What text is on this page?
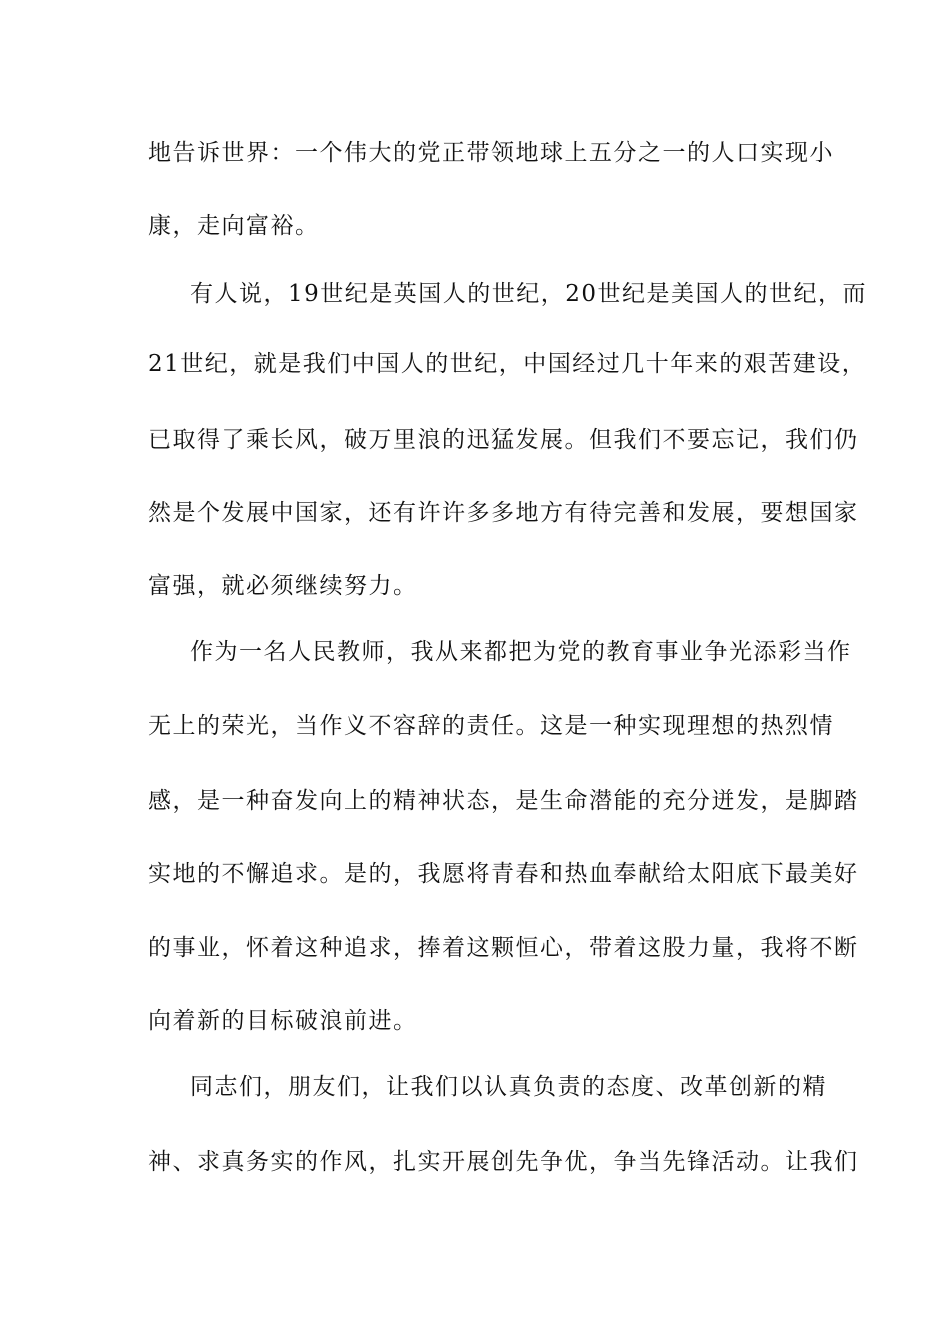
地告诉世界：一个伟大的党正带领地球上五分之一的人口实现小
康，走向富裕。
有人说，19世纪是英国人的世纪，20世纪是美国人的世纪，而
21世纪，就是我们中国人的世纪，中国经过几十年来的艰苦建设，
已取得了乘长风，破万里浪的迅猛发展。但我们不要忘记，我们仍
然是个发展中国家，还有许许多多地方有待完善和发展，要想国家
富强，就必须继续努力。
作为一名人民教师，我从来都把为党的教育事业争光添彩当作
无上的荣光，当作义不容辞的责任。这是一种实现理想的热烈情
感，是一种奋发向上的精神状态，是生命潜能的充分迸发，是脚踏
实地的不懈追求。是的，我愿将青春和热血奉献给太阳底下最美好
的事业，怀着这种追求，捧着这颗恒心，带着这股力量，我将不断
向着新的目标破浪前进。
同志们，朋友们，让我们以认真负责的态度、改革创新的精
神、求真务实的作风，扎实开展创先争优，争当先锋活动。让我们
